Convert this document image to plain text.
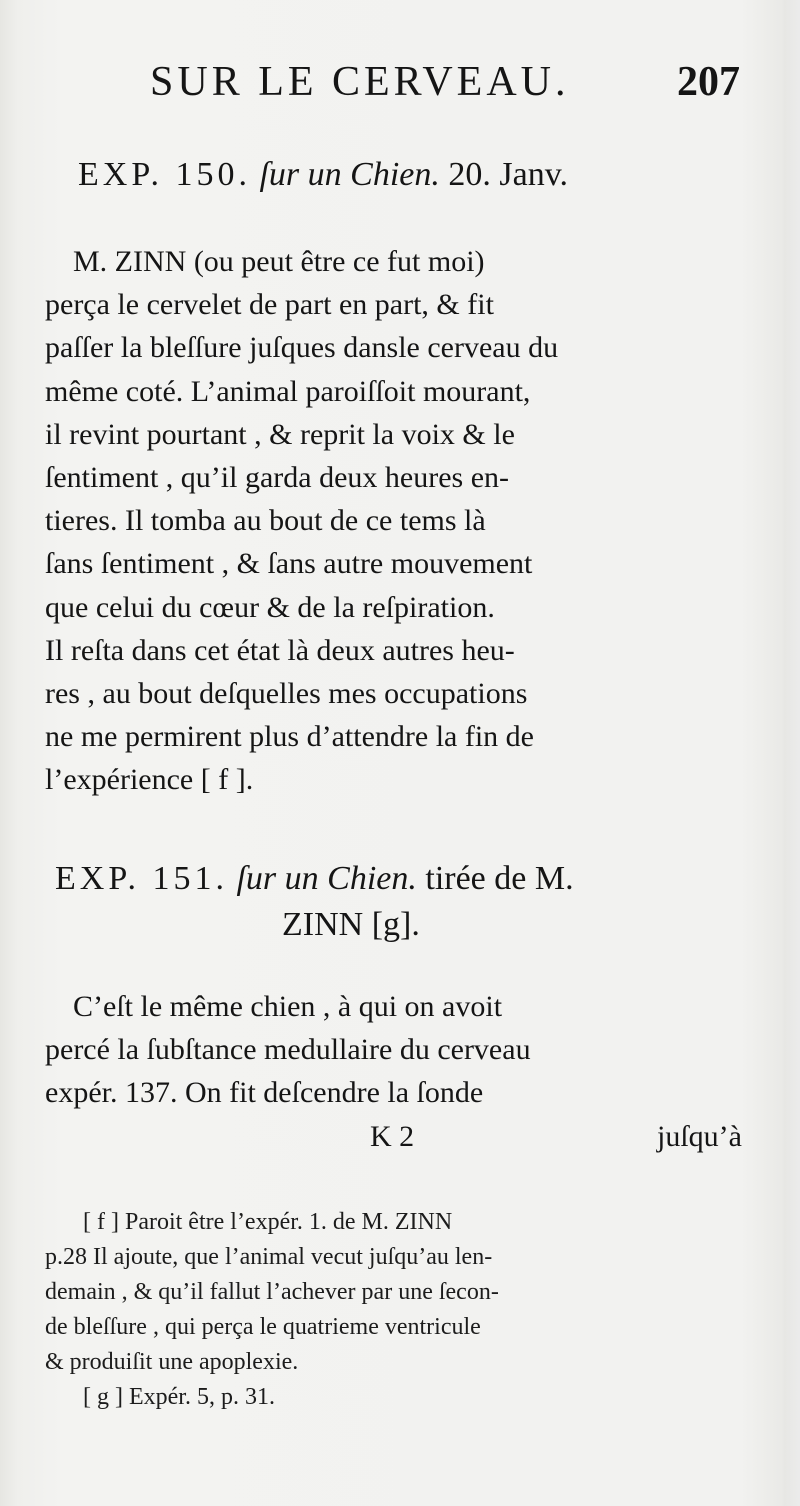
SUR LE CERVEAU.	207
EXP. 150. ſur un Chien. 20. Janv.
M. ZINN (ou peut être ce fut moi)
perça le cervelet de part en part, & fit
paſſer la bleſſure juſques dansle cerveau du
même coté. L’animal paroiſſoit mourant,
il revint pourtant , & reprit la voix & le
ſentiment , qu’il garda deux heures en-
tieres. Il tomba au bout de ce tems là
ſans ſentiment , & ſans autre mouvement
que celui du cœur & de la reſpiration.
Il reſta dans cet état là deux autres heu-
res , au bout deſquelles mes occupations
ne me permirent plus d’attendre la fin de
l’expérience [ f ].
EXP. 151. ſur un Chien. tirée de M.
ZINN [g].
C’eſt le même chien , à qui on avoit
percé la ſubſtance medullaire du cerveau
expér. 137. On fit deſcendre la ſonde
K 2	juſqu’à
[ f ] Paroit être l’expér. 1. de M. ZINN
p.28 Il ajoute, que l’animal vecut juſqu’au len-
demain , & qu’il fallut l’achever par une ſecon-
de bleſſure , qui perça le quatrieme ventricule
& produiſit une apoplexie.
[ g ] Expér. 5, p. 31.
